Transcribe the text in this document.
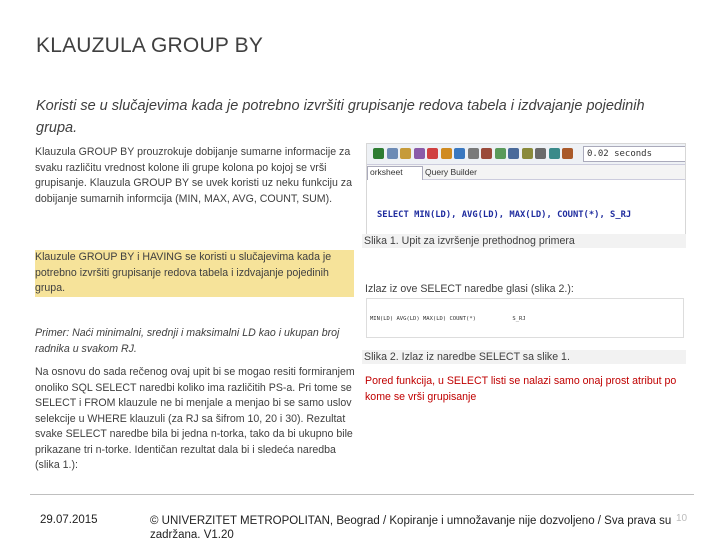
KLAUZULA GROUP BY
Koristi se u slučajevima kada je potrebno izvršiti grupisanje redova tabela i izdvajanje pojedinih grupa.
Klauzula GROUP BY prouzrokuje dobijanje sumarne informacije za svaku različitu vrednost kolone ili grupe kolona po kojoj se vrši grupisanje. Klauzula GROUP BY se uvek koristi uz neku funkciju za dobijanje sumarnih informcija (MIN, MAX, AVG, COUNT, SUM).
Klauzule GROUP BY i HAVING se koristi u slučajevima kada je potrebno izvršiti grupisanje redova tabela i izdvajanje pojedinih grupa.
Primer: Naći minimalni, srednji i maksimalni LD kao i ukupan broj radnika u svakom RJ.
Na osnovu do sada rečenog ovaj upit bi se mogao resiti formiranjem onoliko SQL SELECT naredbi koliko ima različitih PS-a. Pri tome se SELECT i FROM klauzule ne bi menjale a menjao bi se samo uslov selekcije u WHERE klauzuli (za RJ sa šifrom 10, 20 i 30). Rezultat svake SELECT naredbe bila bi jedna n-torka, tako da bi ukupno bile prikazane tri n-torke. Identičan rezultat dala bi i sledeća naredba (slika 1.):
0.02 seconds
orksheet	Query Builder

SELECT MIN(LD), AVG(LD), MAX(LD), COUNT(*), S_RJ

Slika 1. Upit za izvršenje prethodnog primera
Izlaz iz ove SELECT naredbe glasi (slika 2.):

MIN(LD) AVG(LD) MAX(LD) COUNT(*)           S_RJ

Slika 2. Izlaz iz naredbe SELECT sa slike 1.
Pored funkcija, u SELECT listi se nalazi samo onaj prost atribut po kome se vrši grupisanje
29.07.2015	© UNIVERZITET METROPOLITAN, Beograd / Kopiranje i umnožavanje nije dozvoljeno / Sva prava su zadržana. V1.20
10
